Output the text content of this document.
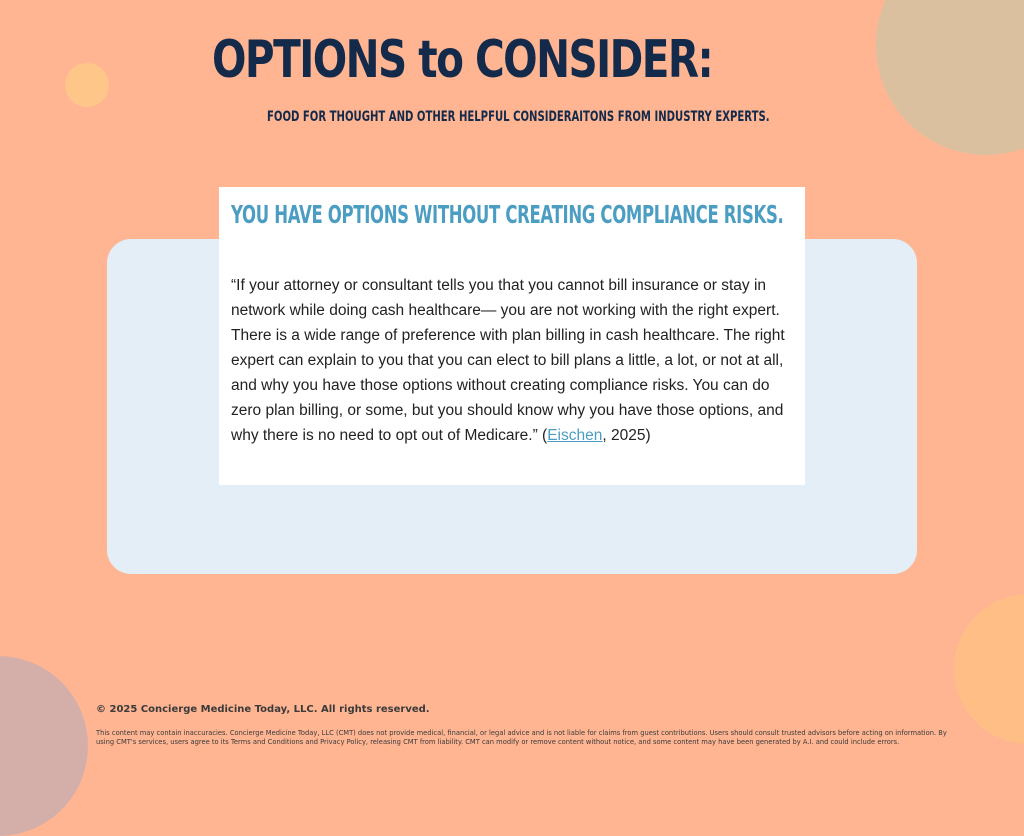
OPTIONS to CONSIDER:

FOOD FOR THOUGHT AND OTHER HELPFUL CONSIDERAITONS FROM INDUSTRY EXPERTS.

YOU HAVE OPTIONS WITHOUT CREATING COMPLIANCE RISKS.

“If your attorney or consultant tells you that you cannot bill insurance or stay in network while doing cash healthcare— you are not working with the right expert. There is a wide range of preference with plan billing in cash healthcare. The right expert can explain to you that you can elect to bill plans a little, a lot, or not at all, and why you have those options without creating compliance risks. You can do zero plan billing, or some, but you should know why you have those options, and why there is no need to opt out of Medicare.” (Eischen, 2025)

© 2025 Concierge Medicine Today, LLC. All rights reserved.

This content may contain inaccuracies. Concierge Medicine Today, LLC (CMT) does not provide medical, financial, or legal advice and is not liable for claims from guest contributions. Users should consult trusted advisors before acting on information. By using CMT's services, users agree to its Terms and Conditions and Privacy Policy, releasing CMT from liability. CMT can modify or remove content without notice, and some content may have been generated by A.I. and could include errors.
